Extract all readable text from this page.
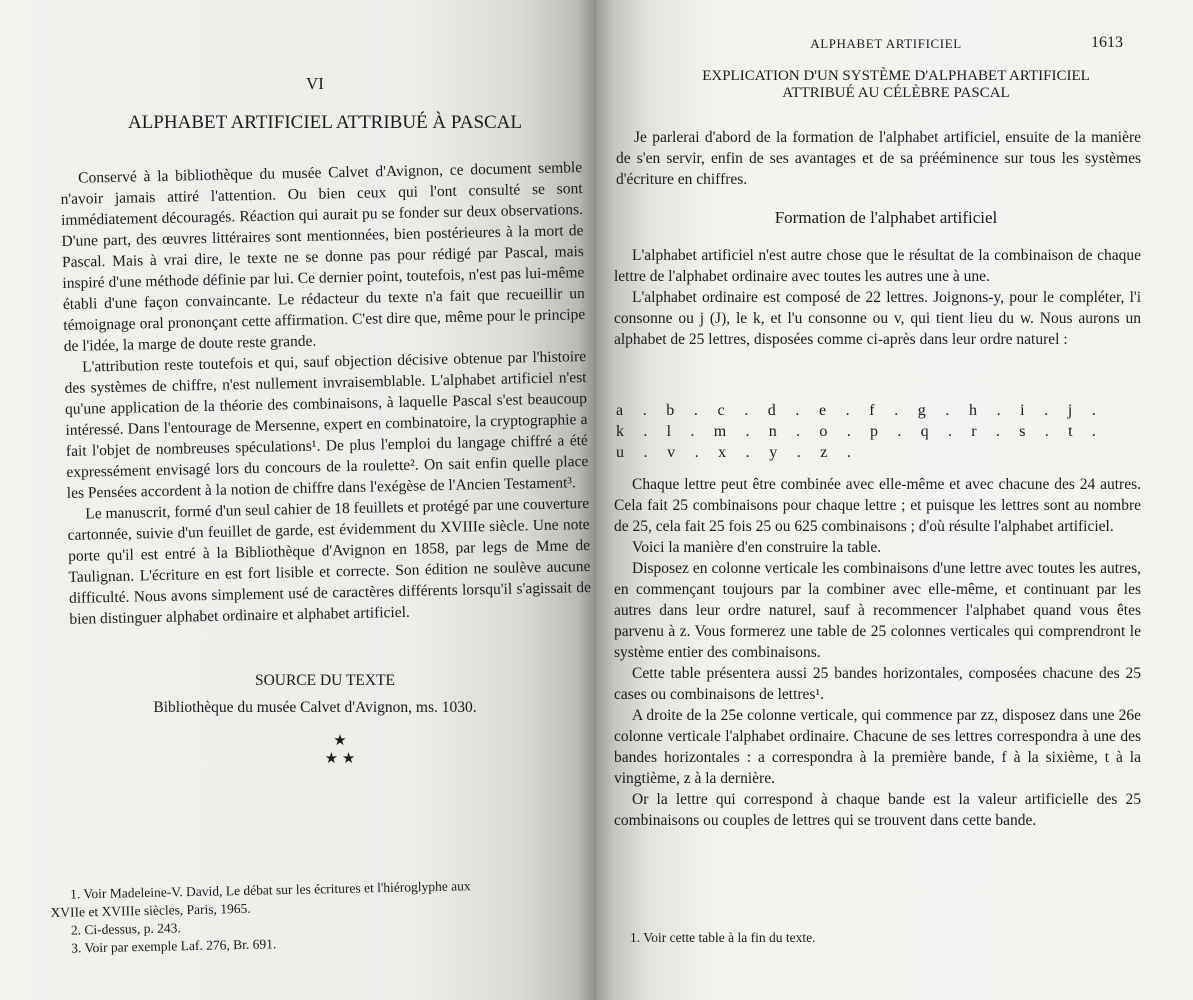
VI
ALPHABET ARTIFICIEL ATTRIBUÉ À PASCAL

Conservé à la bibliothèque du musée Calvet d'Avignon, ce document semble n'avoir jamais attiré l'attention. Ou bien ceux qui l'ont consulté se sont immédiatement découragés. Réaction qui aurait pu se fonder sur deux observations. D'une part, des œuvres littéraires sont mentionnées, bien postérieures à la mort de Pascal. Mais à vrai dire, le texte ne se donne pas pour rédigé par Pascal, mais inspiré d'une méthode définie par lui. Ce dernier point, toutefois, n'est pas lui-même établi d'une façon convaincante. Le rédacteur du texte n'a fait que recueillir un témoignage oral prononçant cette affirmation. C'est dire que, même pour le principe de l'idée, la marge de doute reste grande.

L'attribution reste toutefois et qui, sauf objection décisive obtenue par l'histoire des systèmes de chiffre, n'est nullement invraisemblable. L'alphabet artificiel n'est qu'une application de la théorie des combinaisons, à laquelle Pascal s'est beaucoup intéressé. Dans l'entourage de Mersenne, expert en combinatoire, la cryptographie a fait l'objet de nombreuses spéculations¹. De plus l'emploi du langage chiffré a été expressément envisagé lors du concours de la roulette². On sait enfin quelle place les Pensées accordent à la notion de chiffre dans l'exégèse de l'Ancien Testament³.

Le manuscrit, formé d'un seul cahier de 18 feuillets et protégé par une couverture cartonnée, suivie d'un feuillet de garde, est évidemment du XVIIIe siècle. Une note porte qu'il est entré à la Bibliothèque d'Avignon en 1858, par legs de Mme de Taulignan. L'écriture en est fort lisible et correcte. Son édition ne soulève aucune difficulté. Nous avons simplement usé de caractères différents lorsqu'il s'agissait de bien distinguer alphabet ordinaire et alphabet artificiel.

SOURCE DU TEXTE
Bibliothèque du musée Calvet d'Avignon, ms. 1030.
★
★ ★
1. Voir Madeleine-V. David, Le débat sur les écritures et l'hiéroglyphe aux
XVIIe et XVIIIe siècles, Paris, 1965.
2. Ci-dessus, p. 243.
3. Voir par exemple Laf. 276, Br. 691.
ALPHABET ARTIFICIEL	1613
EXPLICATION D'UN SYSTÈME D'ALPHABET ARTIFICIEL
ATTRIBUÉ AU CÉLÈBRE PASCAL

Je parlerai d'abord de la formation de l'alphabet artificiel, ensuite de la manière de s'en servir, enfin de ses avantages et de sa prééminence sur tous les systèmes d'écriture en chiffres.

Formation de l'alphabet artificiel

L'alphabet artificiel n'est autre chose que le résultat de la combinaison de chaque lettre de l'alphabet ordinaire avec toutes les autres une à une.

L'alphabet ordinaire est composé de 22 lettres. Joignons-y, pour le compléter, l'i consonne ou j (J), le k, et l'u consonne ou v, qui tient lieu du w. Nous aurons un alphabet de 25 lettres, disposées comme ci-après dans leur ordre naturel :

a . b . c . d . e . f . g . h . i . j .
k . l . m . n . o . p . q . r . s . t .
u . v . x . y . z .

Chaque lettre peut être combinée avec elle-même et avec chacune des 24 autres. Cela fait 25 combinaisons pour chaque lettre ; et puisque les lettres sont au nombre de 25, cela fait 25 fois 25 ou 625 combinaisons ; d'où résulte l'alphabet artificiel.

Voici la manière d'en construire la table.

Disposez en colonne verticale les combinaisons d'une lettre avec toutes les autres, en commençant toujours par la combiner avec elle-même, et continuant par les autres dans leur ordre naturel, sauf à recommencer l'alphabet quand vous êtes parvenu à z. Vous formerez une table de 25 colonnes verticales qui comprendront le système entier des combinaisons.

Cette table présentera aussi 25 bandes horizontales, composées chacune des 25 cases ou combinaisons de lettres¹.

A droite de la 25e colonne verticale, qui commence par zz, disposez dans une 26e colonne verticale l'alphabet ordinaire. Chacune de ses lettres correspondra à une des bandes horizontales : a correspondra à la première bande, f à la sixième, t à la vingtième, z à la dernière.

Or la lettre qui correspond à chaque bande est la valeur artificielle des 25 combinaisons ou couples de lettres qui se trouvent dans cette bande.

1. Voir cette table à la fin du texte.
